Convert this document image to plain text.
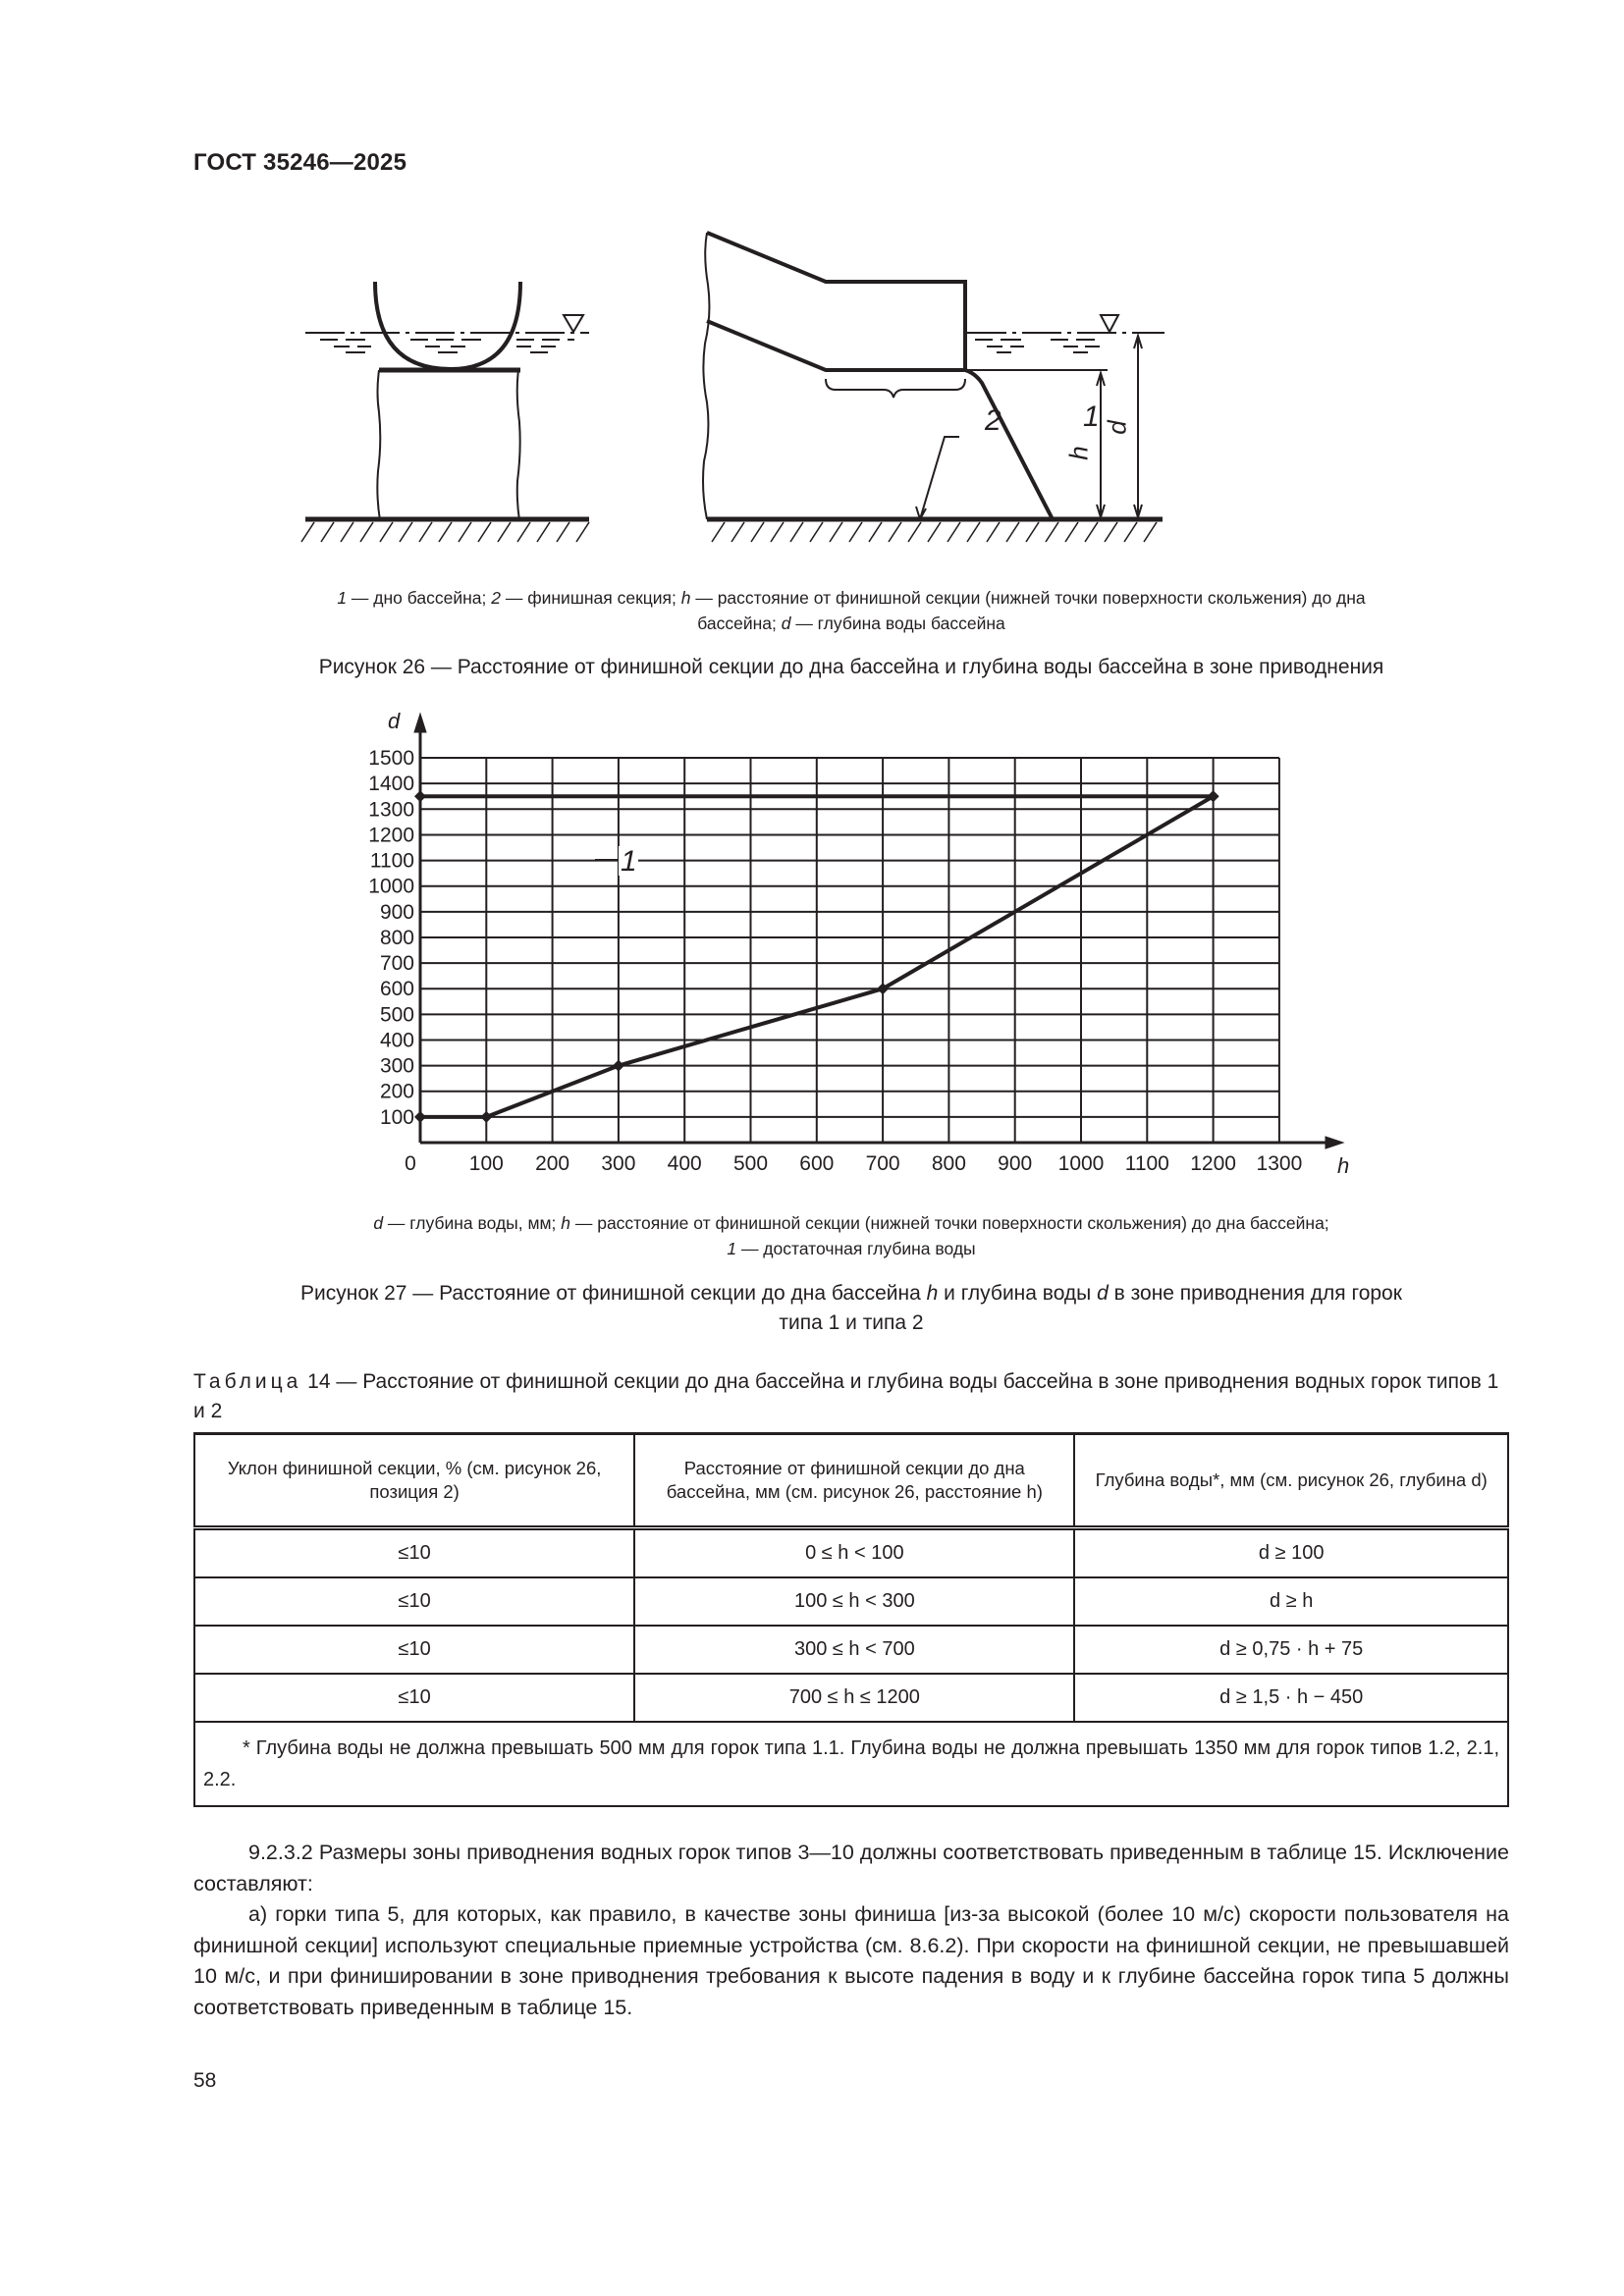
ГОСТ 35246—2025
2	1
h
d
1 — дно бассейна; 2 — финишная секция; h — расстояние от финишной секции (нижней точки поверхности скольжения) до дна
бассейна; d — глубина воды бассейна
Рисунок 26 — Расстояние от финишной секции до дна бассейна и глубина воды бассейна в зоне приводнения
0	100 200 300 400 500 600 700 800 900 1000 1100 1200 1300
100
200
300
400
500
600
700
800
900
1000
1100
1200
1300
1400
1500
d
h
1
d — глубина воды, мм; h — расстояние от финишной секции (нижней точки поверхности скольжения) до дна бассейна;
1 — достаточная глубина воды
Рисунок 27 — Расстояние от финишной секции до дна бассейна h и глубина воды d в зоне приводнения для горок
типа 1 и типа 2
Таблица 14 — Расстояние от финишной секции до дна бассейна и глубина воды бассейна в зоне приводнения водных горок типов 1 и 2
Уклон финишной секции, % (см. рисунок 26, позиция 2)	Расстояние от финишной секции до дна бассейна, мм (см. рисунок 26, расстояние h)	Глубина воды*, мм (см. рисунок 26, глубина d)
≤10	0 ≤ h < 100	d ≥ 100
≤10	100 ≤ h < 300	d ≥ h
≤10	300 ≤ h < 700	d ≥ 0,75 · h + 75
≤10	700 ≤ h ≤ 1200	d ≥ 1,5 · h − 450
* Глубина воды не должна превышать 500 мм для горок типа 1.1. Глубина воды не должна превышать 1350 мм для горок типов 1.2, 2.1, 2.2.		
9.2.3.2 Размеры зоны приводнения водных горок типов 3—10 должны соответствовать приведенным в таблице 15. Исключение составляют:
а) горки типа 5, для которых, как правило, в качестве зоны финиша [из-за высокой (более 10 м/с) скорости пользователя на финишной секции] используют специальные приемные устройства (см. 8.6.2). При скорости на финишной секции, не превышавшей 10 м/с, и при финишировании в зоне приводнения требования к высоте падения в воду и к глубине бассейна горок типа 5 должны соответствовать приведенным в таблице 15.
58
